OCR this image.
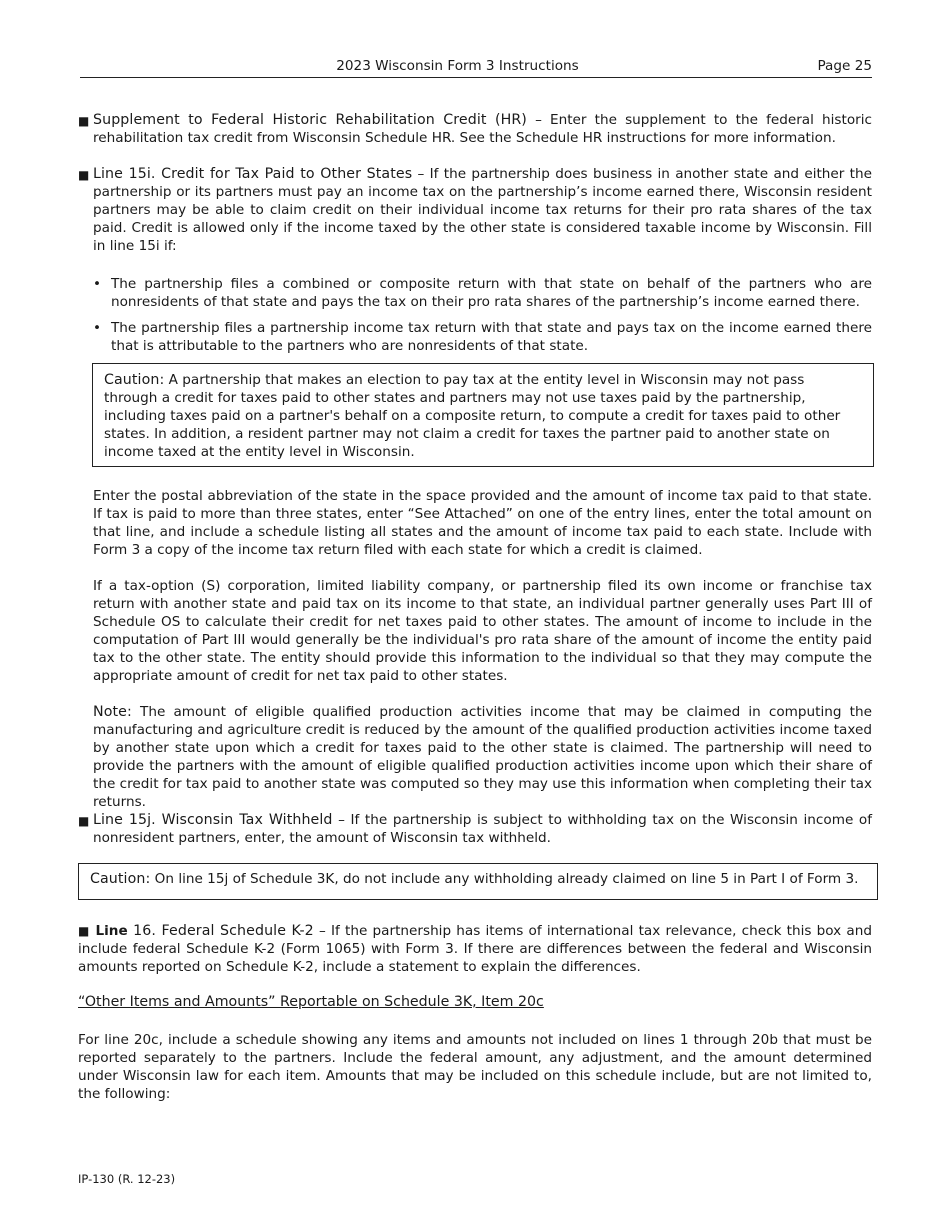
2023 Wisconsin Form 3 Instructions	Page 25
■ Supplement to Federal Historic Rehabilitation Credit (HR) – Enter the supplement to the federal historic rehabilitation tax credit from Wisconsin Schedule HR. See the Schedule HR instructions for more information.
■ Line 15i. Credit for Tax Paid to Other States – If the partnership does business in another state and either the partnership or its partners must pay an income tax on the partnership’s income earned there, Wisconsin resident partners may be able to claim credit on their individual income tax returns for their pro rata shares of the tax paid. Credit is allowed only if the income taxed by the other state is considered taxable income by Wisconsin. Fill in line 15i if:
• The partnership files a combined or composite return with that state on behalf of the partners who are nonresidents of that state and pays the tax on their pro rata shares of the partnership’s income earned there.
• The partnership files a partnership income tax return with that state and pays tax on the income earned there that is attributable to the partners who are nonresidents of that state.
Caution: A partnership that makes an election to pay tax at the entity level in Wisconsin may not pass through a credit for taxes paid to other states and partners may not use taxes paid by the partnership, including taxes paid on a partner's behalf on a composite return, to compute a credit for taxes paid to other states. In addition, a resident partner may not claim a credit for taxes the partner paid to another state on income taxed at the entity level in Wisconsin.

Enter the postal abbreviation of the state in the space provided and the amount of income tax paid to that state. If tax is paid to more than three states, enter “See Attached” on one of the entry lines, enter the total amount on that line, and include a schedule listing all states and the amount of income tax paid to each state. Include with Form 3 a copy of the income tax return filed with each state for which a credit is claimed.

If a tax-option (S) corporation, limited liability company, or partnership filed its own income or franchise tax return with another state and paid tax on its income to that state, an individual partner generally uses Part III of Schedule OS to calculate their credit for net taxes paid to other states. The amount of income to include in the computation of Part III would generally be the individual's pro rata share of the amount of income the entity paid tax to the other state. The entity should provide this information to the individual so that they may compute the appropriate amount of credit for net tax paid to other states.

Note: The amount of eligible qualified production activities income that may be claimed in computing the manufacturing and agriculture credit is reduced by the amount of the qualified production activities income taxed by another state upon which a credit for taxes paid to the other state is claimed. The partnership will need to provide the partners with the amount of eligible qualified production activities income upon which their share of the credit for tax paid to another state was computed so they may use this information when completing their tax returns.

■ Line 15j. Wisconsin Tax Withheld – If the partnership is subject to withholding tax on the Wisconsin income of nonresident partners, enter, the amount of Wisconsin tax withheld.
Caution: On line 15j of Schedule 3K, do not include any withholding already claimed on line 5 in Part I of Form 3.

■ Line 16. Federal Schedule K-2 – If the partnership has items of international tax relevance, check this box and include federal Schedule K-2 (Form 1065) with Form 3. If there are differences between the federal and Wisconsin amounts reported on Schedule K-2, include a statement to explain the differences.

“Other Items and Amounts” Reportable on Schedule 3K, Item 20c

For line 20c, include a schedule showing any items and amounts not included on lines 1 through 20b that must be reported separately to the partners. Include the federal amount, any adjustment, and the amount determined under Wisconsin law for each item. Amounts that may be included on this schedule include, but are not limited to, the following:

IP-130 (R. 12-23)
